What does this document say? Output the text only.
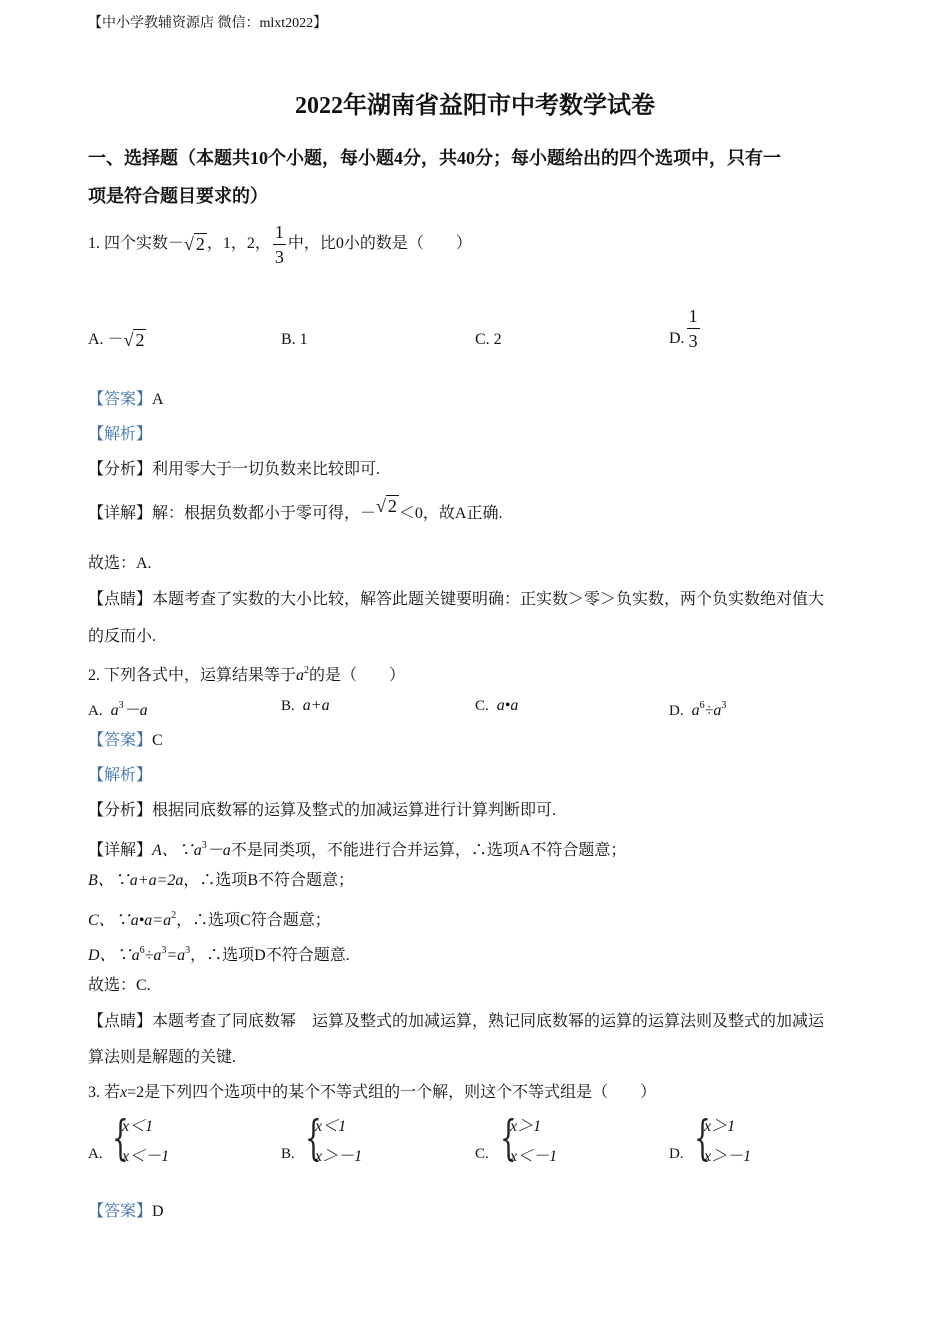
【中小学教辅资源店 微信：mlxt2022】
2022年湖南省益阳市中考数学试卷
一、选择题（本题共10个小题，每小题4分，共40分；每小题给出的四个选项中，只有一
项是符合题目要求的）
1. 四个实数－ √ 2 ，1，2， $\frac{1}{3}$ 中，比0小的数是（　　）
A. － √ 2	B. 1	C. 2	D. $\frac{1}{3}$
【答案】A
【解析】
【分析】利用零大于一切负数来比较即可.
【详解】 解：根据负数都小于零可得，－ √ 2 ＜0，故A正确.
故选：A.
【点睛】本题考查了实数的大小比较，解答此题关键要明确：正实数＞零＞负实数，两个负实数绝对值大
的反而小.
2. 下列各式中，运算结果等于$a^2$的是（　　）
A. $a^3-a$	B. a+a	C. a•a	D. $a^6\div a^3$
【答案】C
【解析】
【分析】根据同底数幂的运算及整式的加减运算进行计算判断即可.
【详解】A、$\because a^3-a$不是同类项，不能进行合并运算，∴选项A不符合题意；
B、∵a+a=2a，∴选项B不符合题意；
C、$\because a•a=a^2$，∴选项C符合题意；
D、$\because a^6\div a^3=a^3$，∴选项D不符合题意.
故选：C.
【点睛】本题考查了同底数幂　运算及整式的加减运算，熟记同底数幂的运算的运算法则及整式的加减运
算法则是解题的关键.
3. 若x=2是下列四个选项中的某个不等式组的一个解，则这个不等式组是（　　）
A. {
x＜1
x＜－1	B. {
x＜1
x＞－1	C. {
x＞1
x＜－1	D. {
x＞1
x＞－1
【答案】D
